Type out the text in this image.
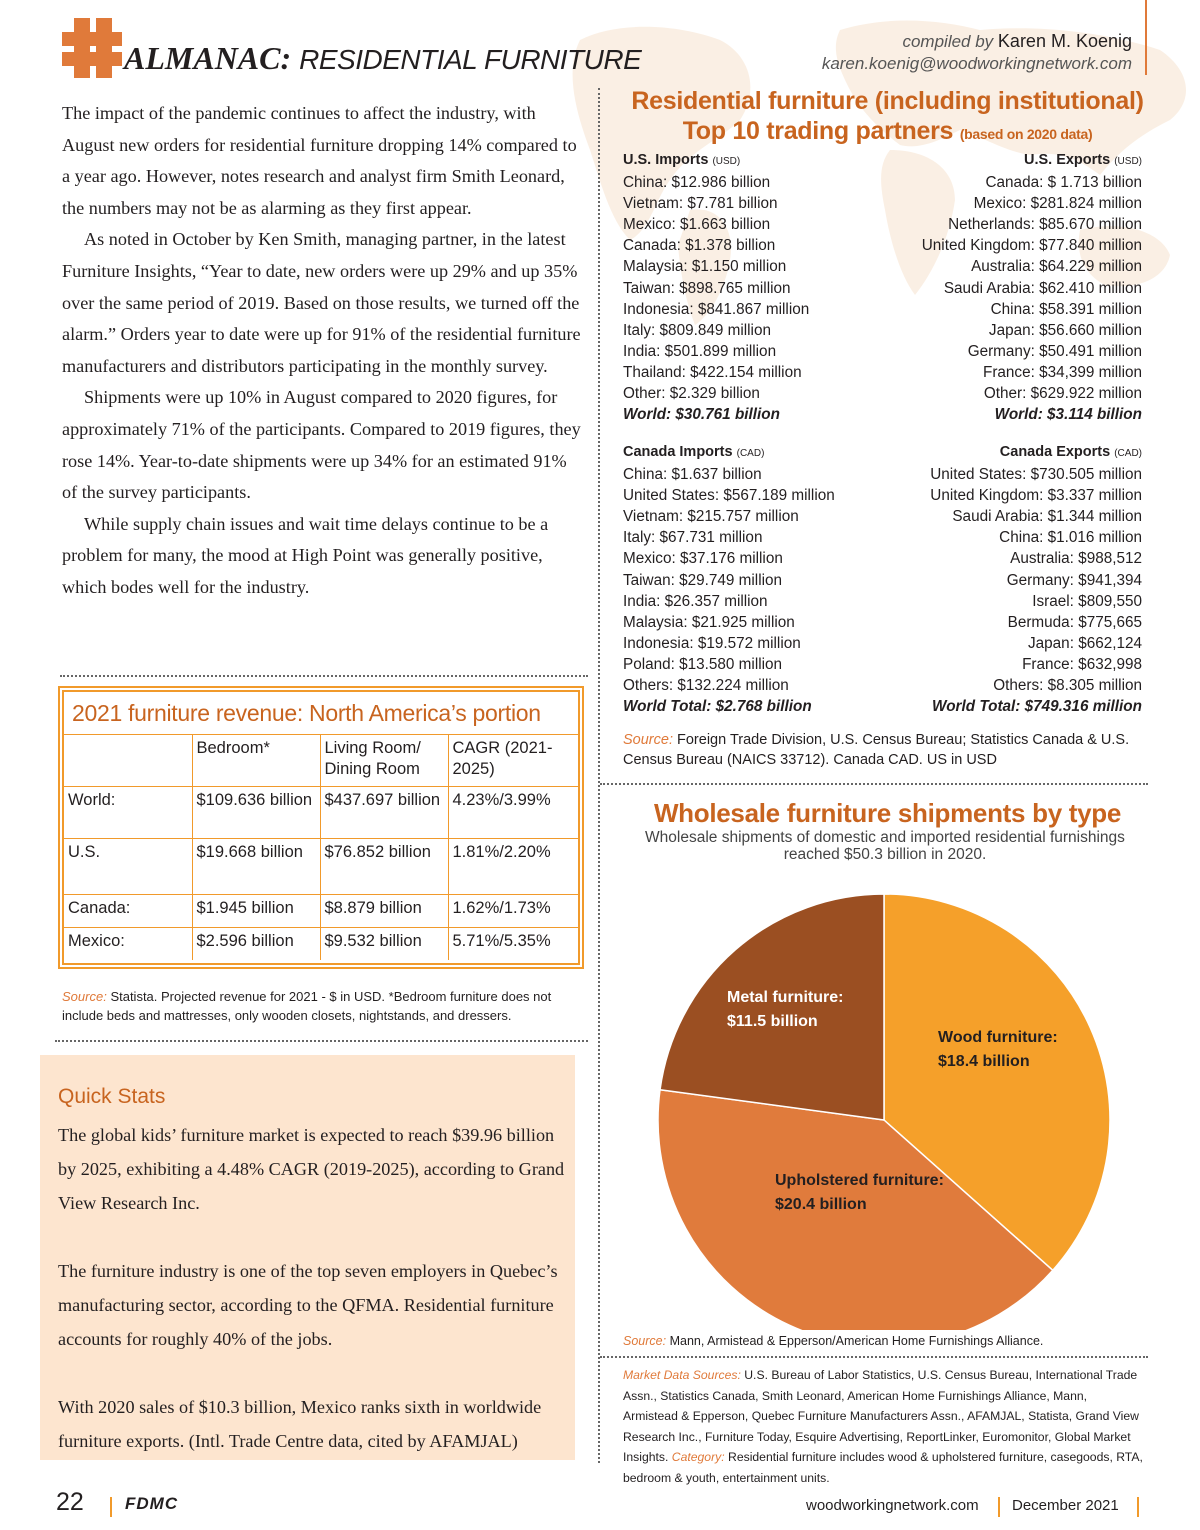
ALMANAC: RESIDENTIAL FURNITURE
compiled by Karen M. Koenig
karen.koenig@woodworkingnetwork.com

The impact of the pandemic continues to affect the industry, with August new orders for residential furniture dropping 14% compared to a year ago. However, notes research and analyst firm Smith Leonard, the numbers may not be as alarming as they first appear.

As noted in October by Ken Smith, managing partner, in the latest Furniture Insights, “Year to date, new orders were up 29% and up 35% over the same period of 2019. Based on those results, we turned off the alarm.” Orders year to date were up for 91% of the residential furniture manufacturers and distributors participating in the monthly survey.

Shipments were up 10% in August compared to 2020 figures, for approximately 71% of the participants. Compared to 2019 figures, they rose 14%. Year-to-date shipments were up 34% for an estimated 91% of the survey participants.

While supply chain issues and wait time delays continue to be a problem for many, the mood at High Point was generally positive, which bodes well for the industry.

2021 furniture revenue: North America’s portion
	Bedroom*	Living Room/ Dining Room	CAGR (2021-2025)
World:	$109.636 billion	$437.697 billion	4.23%/3.99%
U.S.	$19.668 billion	$76.852 billion	1.81%/2.20%
Canada:	$1.945 billion	$8.879 billion	1.62%/1.73%
Mexico:	$2.596 billion	$9.532 billion	5.71%/5.35%
Source: Statista. Projected revenue for 2021 - $ in USD. *Bedroom furniture does not include beds and mattresses, only wooden closets, nightstands, and dressers.
Quick Stats

The global kids’ furniture market is expected to reach $39.96 billion by 2025, exhibiting a 4.48% CAGR (2019-2025), according to Grand View Research Inc.

The furniture industry is one of the top seven employers in Quebec’s manufacturing sector, according to the QFMA. Residential furniture accounts for roughly 40% of the jobs.

With 2020 sales of $10.3 billion, Mexico ranks sixth in worldwide furniture exports. (Intl. Trade Centre data, cited by AFAMJAL)

Residential furniture (including institutional)
Top 10 trading partners (based on 2020 data)
U.S. Imports (USD)
China: $12.986 billion
Vietnam: $7.781 billion
Mexico: $1.663 billion
Canada: $1.378 billion
Malaysia: $1.150 million
Taiwan: $898.765 million
Indonesia: $841.867 million
Italy: $809.849 million
India: $501.899 million
Thailand: $422.154 million
Other: $2.329 billion
World: $30.761 billion
U.S. Exports (USD)
Canada: $ 1.713 billion
Mexico: $281.824 million
Netherlands: $85.670 million
United Kingdom: $77.840 million
Australia: $64.229 million
Saudi Arabia: $62.410 million
China: $58.391 million
Japan: $56.660 million
Germany: $50.491 million
France: $34,399 million
Other: $629.922 million
World: $3.114 billion
Canada Imports (CAD)
China: $1.637 billion
United States: $567.189 million
Vietnam: $215.757 million
Italy: $67.731 million
Mexico: $37.176 million
Taiwan: $29.749 million
India: $26.357 million
Malaysia: $21.925 million
Indonesia: $19.572 million
Poland: $13.580 million
Others: $132.224 million
World Total: $2.768 billion
Canada Exports (CAD)
United States: $730.505 million
United Kingdom: $3.337 million
Saudi Arabia: $1.344 million
China: $1.016 million
Australia: $988,512
Germany: $941,394
Israel: $809,550
Bermuda: $775,665
Japan: $662,124
France: $632,998
Others: $8.305 million
World Total: $749.316 million
Source: Foreign Trade Division, U.S. Census Bureau; Statistics Canada & U.S. Census Bureau (NAICS 33712). Canada CAD. US in USD
Wholesale furniture shipments by type
Wholesale shipments of domestic and imported residential furnishings reached $50.3 billion in 2020.
Wood furniture:
$18.4 billion
Upholstered furniture:
$20.4 billion
Metal furniture:
$11.5 billion
Source: Mann, Armistead & Epperson/American Home Furnishings Alliance.
Market Data Sources: U.S. Bureau of Labor Statistics, U.S. Census Bureau, International Trade Assn., Statistics Canada, Smith Leonard, American Home Furnishings Alliance, Mann, Armistead & Epperson, Quebec Furniture Manufacturers Assn., AFAMJAL, Statista, Grand View Research Inc., Furniture Today, Esquire Advertising, ReportLinker, Euromonitor, Global Market Insights. Category: Residential furniture includes wood & upholstered furniture, casegoods, RTA, bedroom & youth, entertainment units.
22 FDMC	woodworkingnetwork.com December 2021
